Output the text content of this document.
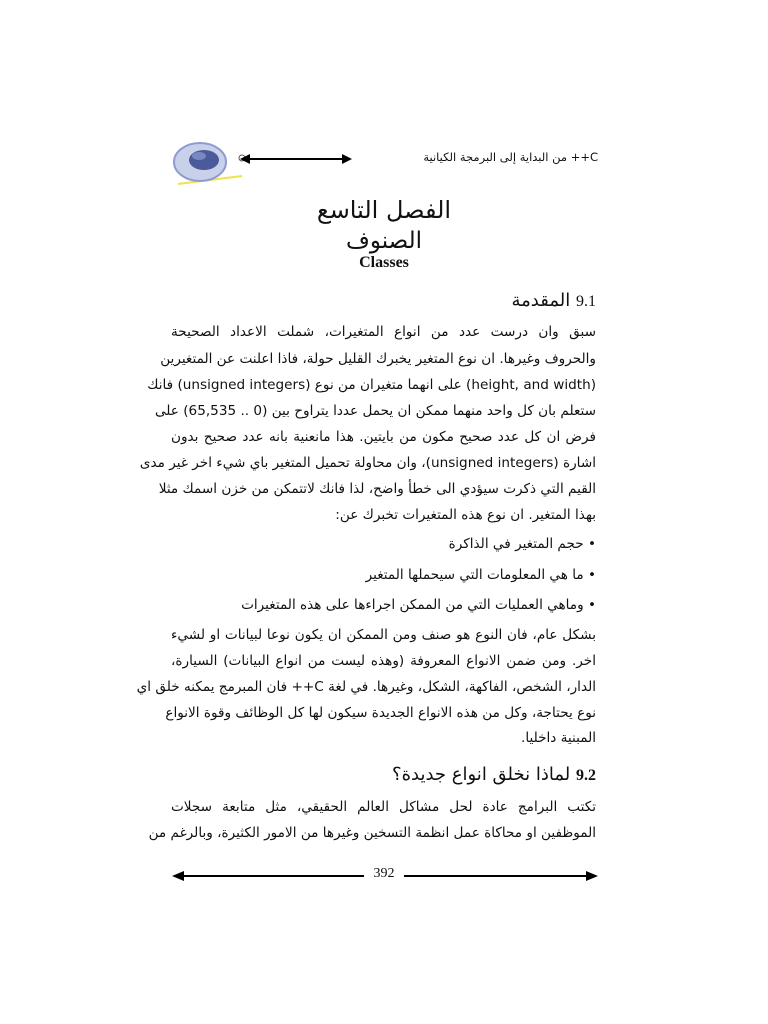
C++ من البداية إلى البرمجة الكيانية
الفصل التاسع
الصنوف
Classes
9.1 المقدمة
سبق وان درست عدد من انواع المتغيرات، شملت الاعداد الصحيحة
والحروف وغيرها. ان نوع المتغير يخبرك القليل حولة، فاذا اعلنت عن المتغيرين
(height, and width) على انهما متغيران من نوع (unsigned integers) فانك
ستعلم بان كل واحد منهما ممكن ان يحمل عددا يتراوح بين (0 .. 65,535) على
فرض ان كل عدد صحيح مكون من بايتين. هذا مانعنية بانه عدد صحيح بدون
اشارة (unsigned integers)، وان محاولة تحميل المتغير باي شيء اخر غير مدى
القيم التي ذكرت سيؤدي الى خطأ واضح، لذا فانك لاتتمكن من خزن اسمك مثلا
بهذا المتغير. ان نوع هذه المتغيرات تخبرك عن:
• حجم المتغير في الذاكرة
• ما هي المعلومات التي سيحملها المتغير
• وماهي العمليات التي من الممكن اجراءها على هذه المتغيرات
بشكل عام، فان النوع هو صنف ومن الممكن ان يكون نوعا لبيانات او لشيء
اخر. ومن ضمن الانواع المعروفة (وهذه ليست من انواع البيانات) السيارة،
الدار، الشخص، الفاكهة، الشكل، وغيرها. في لغة C++ فان المبرمج يمكنه خلق اي
نوع يحتاجة، وكل من هذه الانواع الجديدة سيكون لها كل الوظائف وقوة الانواع
المبنية داخليا.
9.2 لماذا نخلق انواع جديدة؟
تكتب البرامج عادة لحل مشاكل العالم الحقيقي، مثل متابعة سجلات
الموظفين او محاكاة عمل انظمة التسخين وغيرها من الامور الكثيرة، وبالرغم من
392
